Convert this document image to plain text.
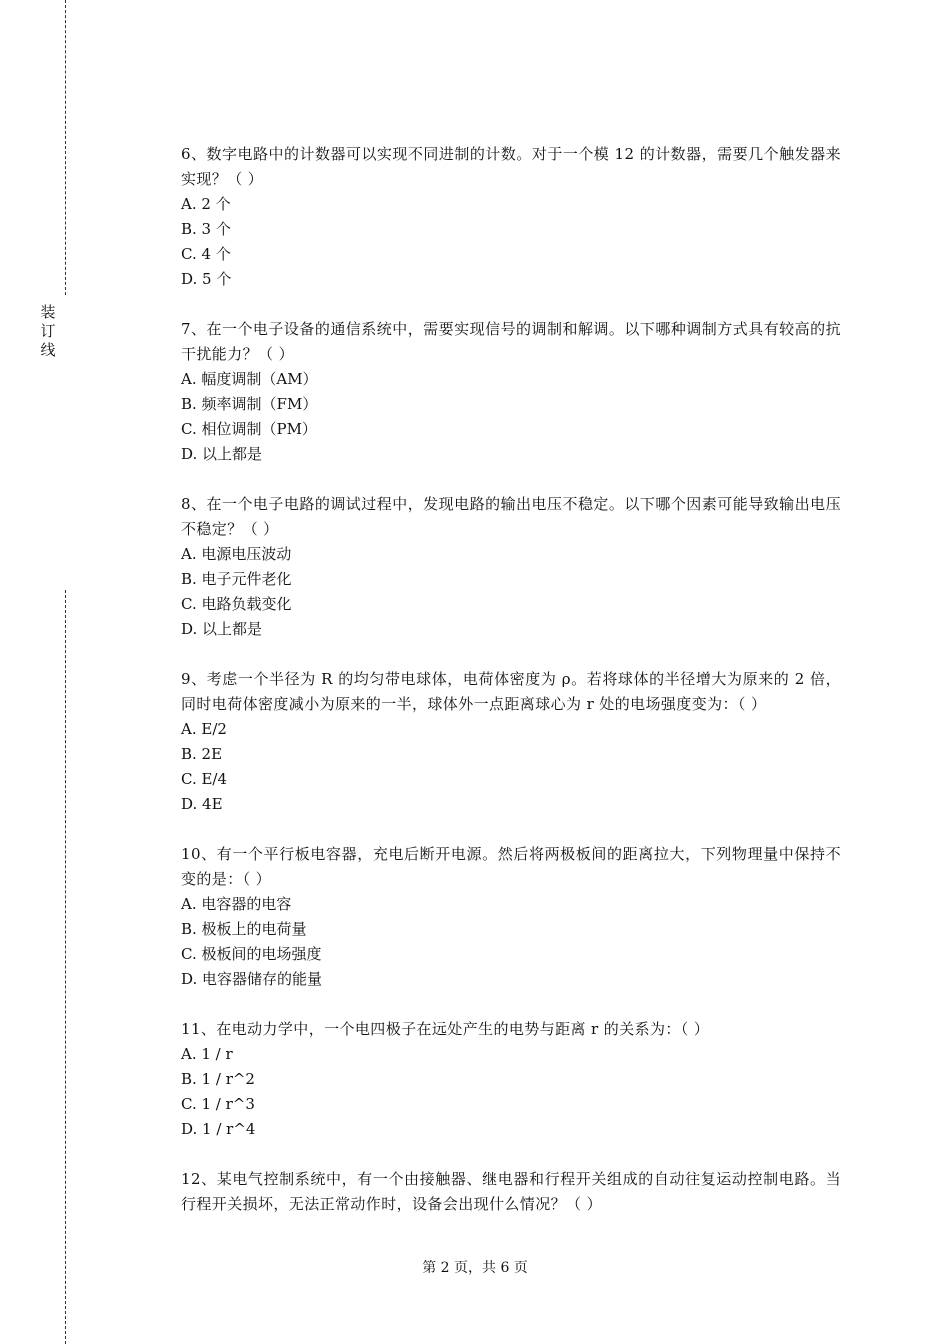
装
订
线

6、数字电路中的计数器可以实现不同进制的计数。对于一个模 12 的计数器，需要几个触发器来实现？（ ）

A. 2 个

B. 3 个

C. 4 个

D. 5 个

7、在一个电子设备的通信系统中，需要实现信号的调制和解调。以下哪种调制方式具有较高的抗干扰能力？（ ）

A. 幅度调制（AM）

B. 频率调制（FM）

C. 相位调制（PM）

D. 以上都是

8、在一个电子电路的调试过程中，发现电路的输出电压不稳定。以下哪个因素可能导致输出电压不稳定？（ ）

A. 电源电压波动

B. 电子元件老化

C. 电路负载变化

D. 以上都是

9、考虑一个半径为 R 的均匀带电球体，电荷体密度为 ρ。若将球体的半径增大为原来的 2 倍，同时电荷体密度减小为原来的一半，球体外一点距离球心为 r 处的电场强度变为：（ ）

A. E/2

B. 2E

C. E/4

D. 4E

10、有一个平行板电容器，充电后断开电源。然后将两极板间的距离拉大，下列物理量中保持不变的是：（ ）

A. 电容器的电容

B. 极板上的电荷量

C. 极板间的电场强度

D. 电容器储存的能量

11、在电动力学中，一个电四极子在远处产生的电势与距离 r 的关系为：（ ）

A. 1 / r

B. 1 / r^2

C. 1 / r^3

D. 1 / r^4

12、某电气控制系统中，有一个由接触器、继电器和行程开关组成的自动往复运动控制电路。当行程开关损坏，无法正常动作时，设备会出现什么情况？（ ）

第 2 页，共 6 页
